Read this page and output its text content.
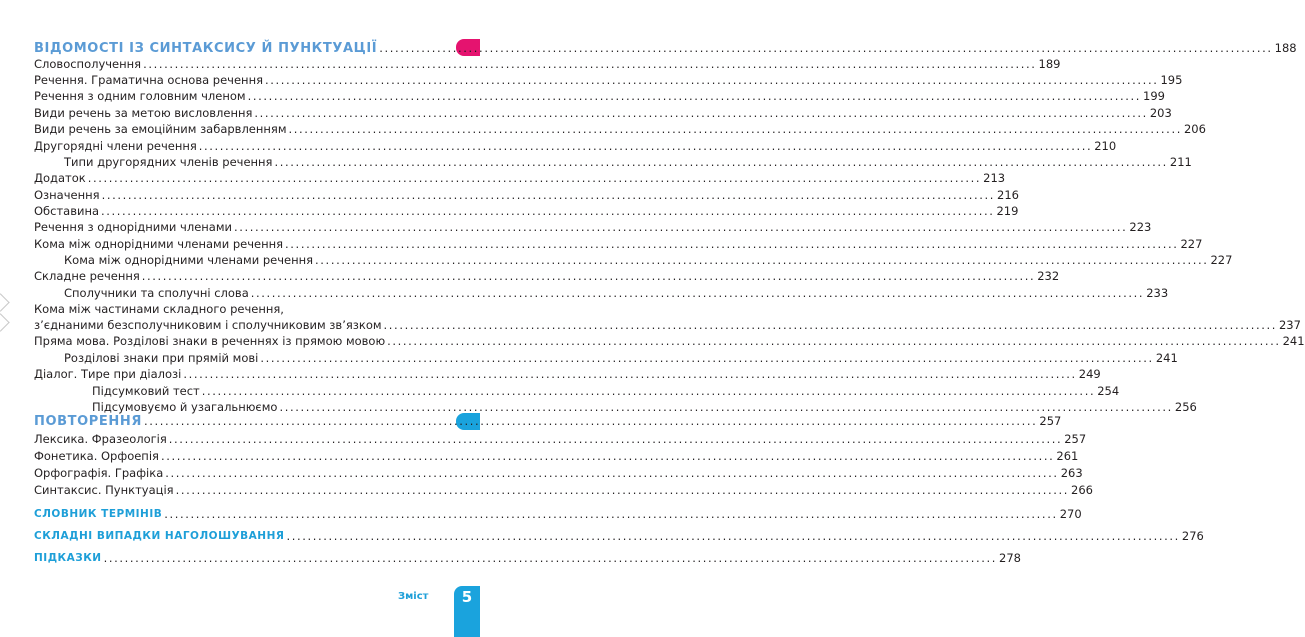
ВІДОМОСТІ ІЗ СИНТАКСИСУ Й ПУНКТУАЦІЇ .......................................................................................................................................................................... 188
Словосполучення .......................................................................................................................................................................... 189
Речення. Граматична основа речення .......................................................................................................................................................................... 195
Речення з одним головним членом .......................................................................................................................................................................... 199
Види речень за метою висловлення .......................................................................................................................................................................... 203
Види речень за емоційним забарвленням .......................................................................................................................................................................... 206
Другорядні члени речення .......................................................................................................................................................................... 210
Типи другорядних членів речення .......................................................................................................................................................................... 211
Додаток .......................................................................................................................................................................... 213
Означення .......................................................................................................................................................................... 216
Обставина .......................................................................................................................................................................... 219
Речення з однорідними членами .......................................................................................................................................................................... 223
Кома між однорідними членами речення .......................................................................................................................................................................... 227
Кома між однорідними членами речення .......................................................................................................................................................................... 227
Складне речення .......................................................................................................................................................................... 232
Сполучники та сполучні слова .......................................................................................................................................................................... 233
Кома між частинами складного речення,
з’єднаними безсполучниковим і сполучниковим зв’язком .......................................................................................................................................................................... 237
Пряма мова. Розділові знаки в реченнях із прямою мовою .......................................................................................................................................................................... 241
Розділові знаки при прямій мові .......................................................................................................................................................................... 241
Діалог. Тире при діалозі .......................................................................................................................................................................... 249
Підсумковий тест .......................................................................................................................................................................... 254
Підсумовуємо й узагальнюємо .......................................................................................................................................................................... 256
ПОВТОРЕННЯ .......................................................................................................................................................................... 257
Лексика. Фразеологія .......................................................................................................................................................................... 257
Фонетика. Орфоепія .......................................................................................................................................................................... 261
Орфографія. Графіка .......................................................................................................................................................................... 263
Синтаксис. Пунктуація .......................................................................................................................................................................... 266
СЛОВНИК ТЕРМІНІВ .......................................................................................................................................................................... 270
СКЛАДНІ ВИПАДКИ НАГОЛОШУВАННЯ .......................................................................................................................................................................... 276
ПІДКАЗКИ .......................................................................................................................................................................... 278
Зміст	5
